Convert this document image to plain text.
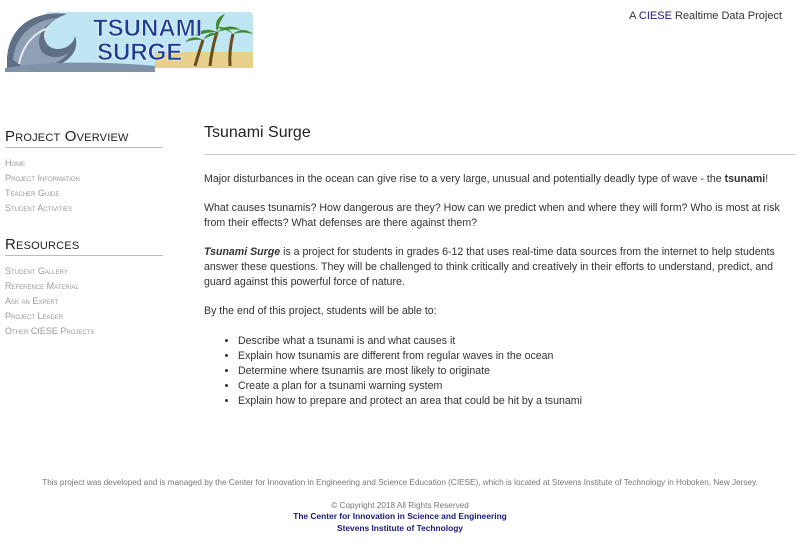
TSUNAMI
SURGE
A CIESE Realtime Data Project
Project Overview
Home
Project Information
Teacher Guide
Student Activities
Resources
Student Gallery
Reference Material
Ask an Expert
Project Leader
Other CIESE Projects
Tsunami Surge

Major disturbances in the ocean can give rise to a very large, unusual and potentially deadly type of wave - the tsunami!

What causes tsunamis? How dangerous are they? How can we predict when and where they will form? Who is most at risk from their effects? What defenses are there against them?

Tsunami Surge is a project for students in grades 6-12 that uses real-time data sources from the internet to help students answer these questions. They will be challenged to think critically and creatively in their efforts to understand, predict, and guard against this powerful force of nature.

By the end of this project, students will be able to:

• Describe what a tsunami is and what causes it
• Explain how tsunamis are different from regular waves in the ocean
• Determine where tsunamis are most likely to originate
• Create a plan for a tsunami warning system
• Explain how to prepare and protect an area that could be hit by a tsunami
This project was developed and is managed by the Center for Innovation in Engineering and Science Education (CIESE), which is located at Stevens Institute of Technology in Hoboken, New Jersey.
© Copyright 2018 All Rights Reserved
The Center for Innovation in Science and Engineering
Stevens Institute of Technology
